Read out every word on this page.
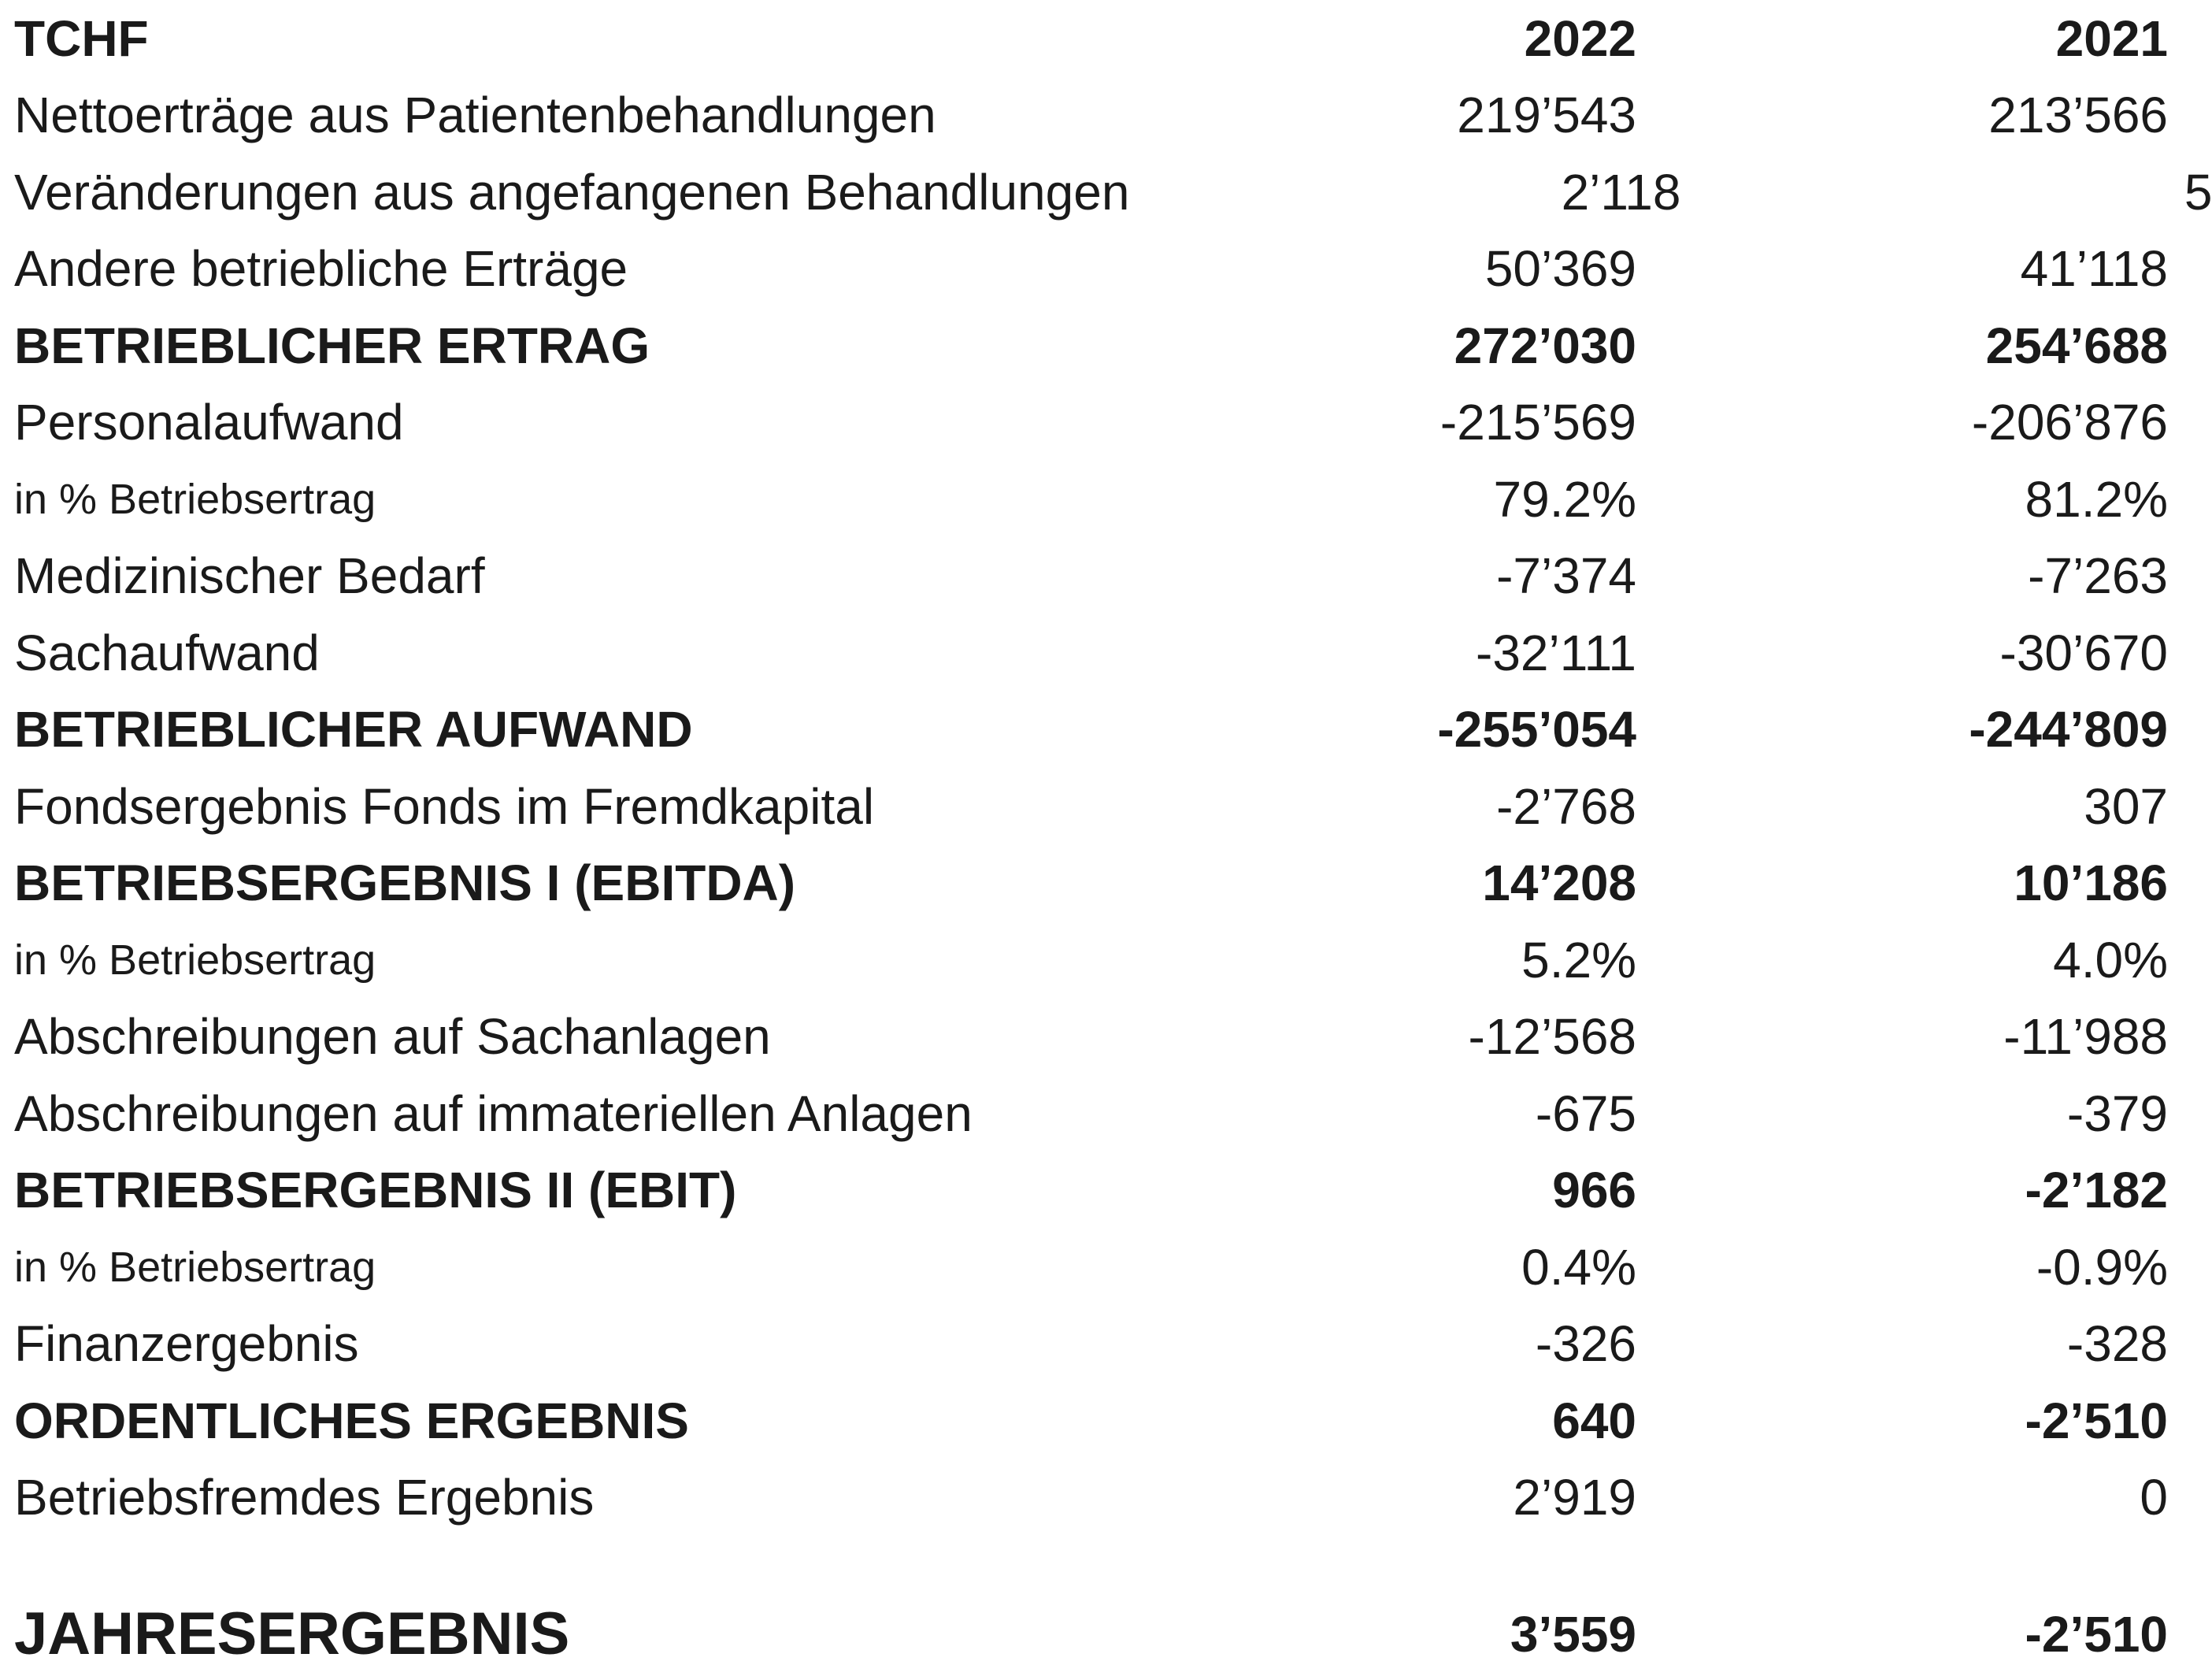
TCHF	2022	2021
Nettoerträge aus Patientenbehandlungen	219’543	213’566
Veränderungen aus angefangenen Behandlungen	2’118	5
Andere betriebliche Erträge	50’369	41’118
BETRIEBLICHER ERTRAG	272’030	254’688
Personalaufwand	-215’569	-206’876
in % Betriebsertrag	79.2%	81.2%
Medizinischer Bedarf	-7’374	-7’263
Sachaufwand	-32’111	-30’670
BETRIEBLICHER AUFWAND	-255’054	-244’809
Fondsergebnis Fonds im Fremdkapital	-2’768	307
BETRIEBSERGEBNIS I (EBITDA)	14’208	10’186
in % Betriebsertrag	5.2%	4.0%
Abschreibungen auf Sachanlagen	-12’568	-11’988
Abschreibungen auf immateriellen Anlagen	-675	-379
BETRIEBSERGEBNIS II (EBIT)	966	-2’182
in % Betriebsertrag	0.4%	-0.9%
Finanzergebnis	-326	-328
ORDENTLICHES ERGEBNIS	640	-2’510
Betriebsfremdes Ergebnis	2’919	0
JAHRESERGEBNIS	3’559	-2’510
